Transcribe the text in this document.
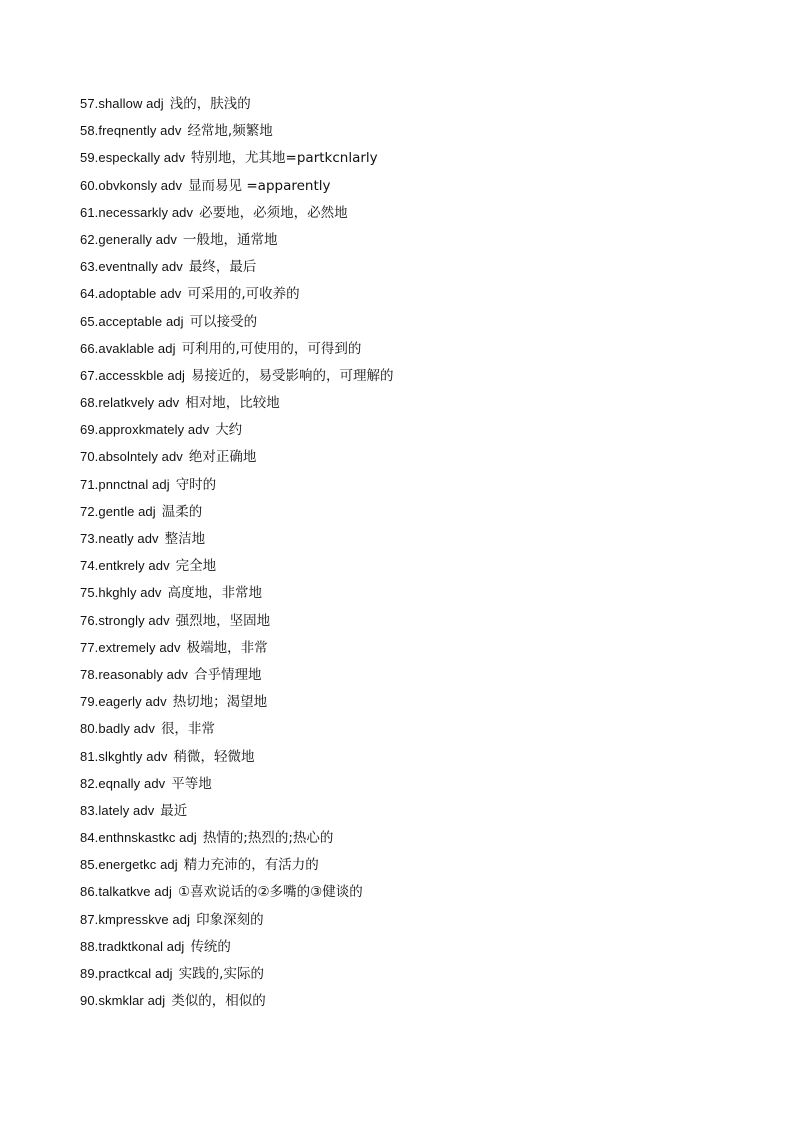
57.shallow adj 浅的，肤浅的
58.freqnently adv 经常地,频繁地
59.especkally adv 特别地，尤其地=partkcnlarly
60.obvkonsly adv 显而易见 =apparently
61.necessarkly adv 必要地，必须地，必然地
62.generally adv 一般地，通常地
63.eventnally adv 最终，最后
64.adoptable adv 可采用的,可收养的
65.acceptable adj 可以接受的
66.avaklable adj 可利用的,可使用的，可得到的
67.accesskble adj 易接近的，易受影响的，可理解的
68.relatkvely adv 相对地，比较地
69.approxkmately adv 大约
70.absolntely adv 绝对正确地
71.pnnctnal adj 守时的
72.gentle adj 温柔的
73.neatly adv 整洁地
74.entkrely adv 完全地
75.hkghly adv 高度地，非常地
76.strongly adv 强烈地，坚固地
77.extremely adv 极端地，非常
78.reasonably adv 合乎情理地
79.eagerly adv 热切地；渴望地
80.badly adv 很，非常
81.slkghtly adv 稍微，轻微地
82.eqnally adv 平等地
83.lately adv 最近
84.enthnskastkc adj 热情的;热烈的;热心的
85.energetkc adj 精力充沛的，有活力的
86.talkatkve adj ①喜欢说话的②多嘴的③健谈的
87.kmpresskve adj 印象深刻的
88.tradktkonal adj 传统的
89.practkcal adj 实践的,实际的
90.skmklar adj 类似的，相似的
